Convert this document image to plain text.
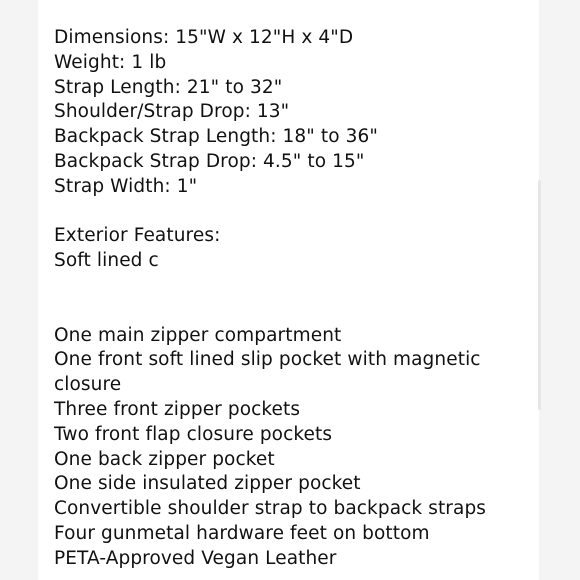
Dimensions: 15"W x 12"H x 4"D
Weight: 1 lb
Strap Length: 21" to 32"
Shoulder/Strap Drop: 13"
Backpack Strap Length: 18" to 36"
Backpack Strap Drop: 4.5" to 15"
Strap Width: 1"
Exterior Features:
Soft lined c
One main zipper compartment
One front soft lined slip pocket with magnetic closure
Three front zipper pockets
Two front flap closure pockets
One back zipper pocket
One side insulated zipper pocket
Convertible shoulder strap to backpack straps
Four gunmetal hardware feet on bottom
PETA-Approved Vegan Leather
